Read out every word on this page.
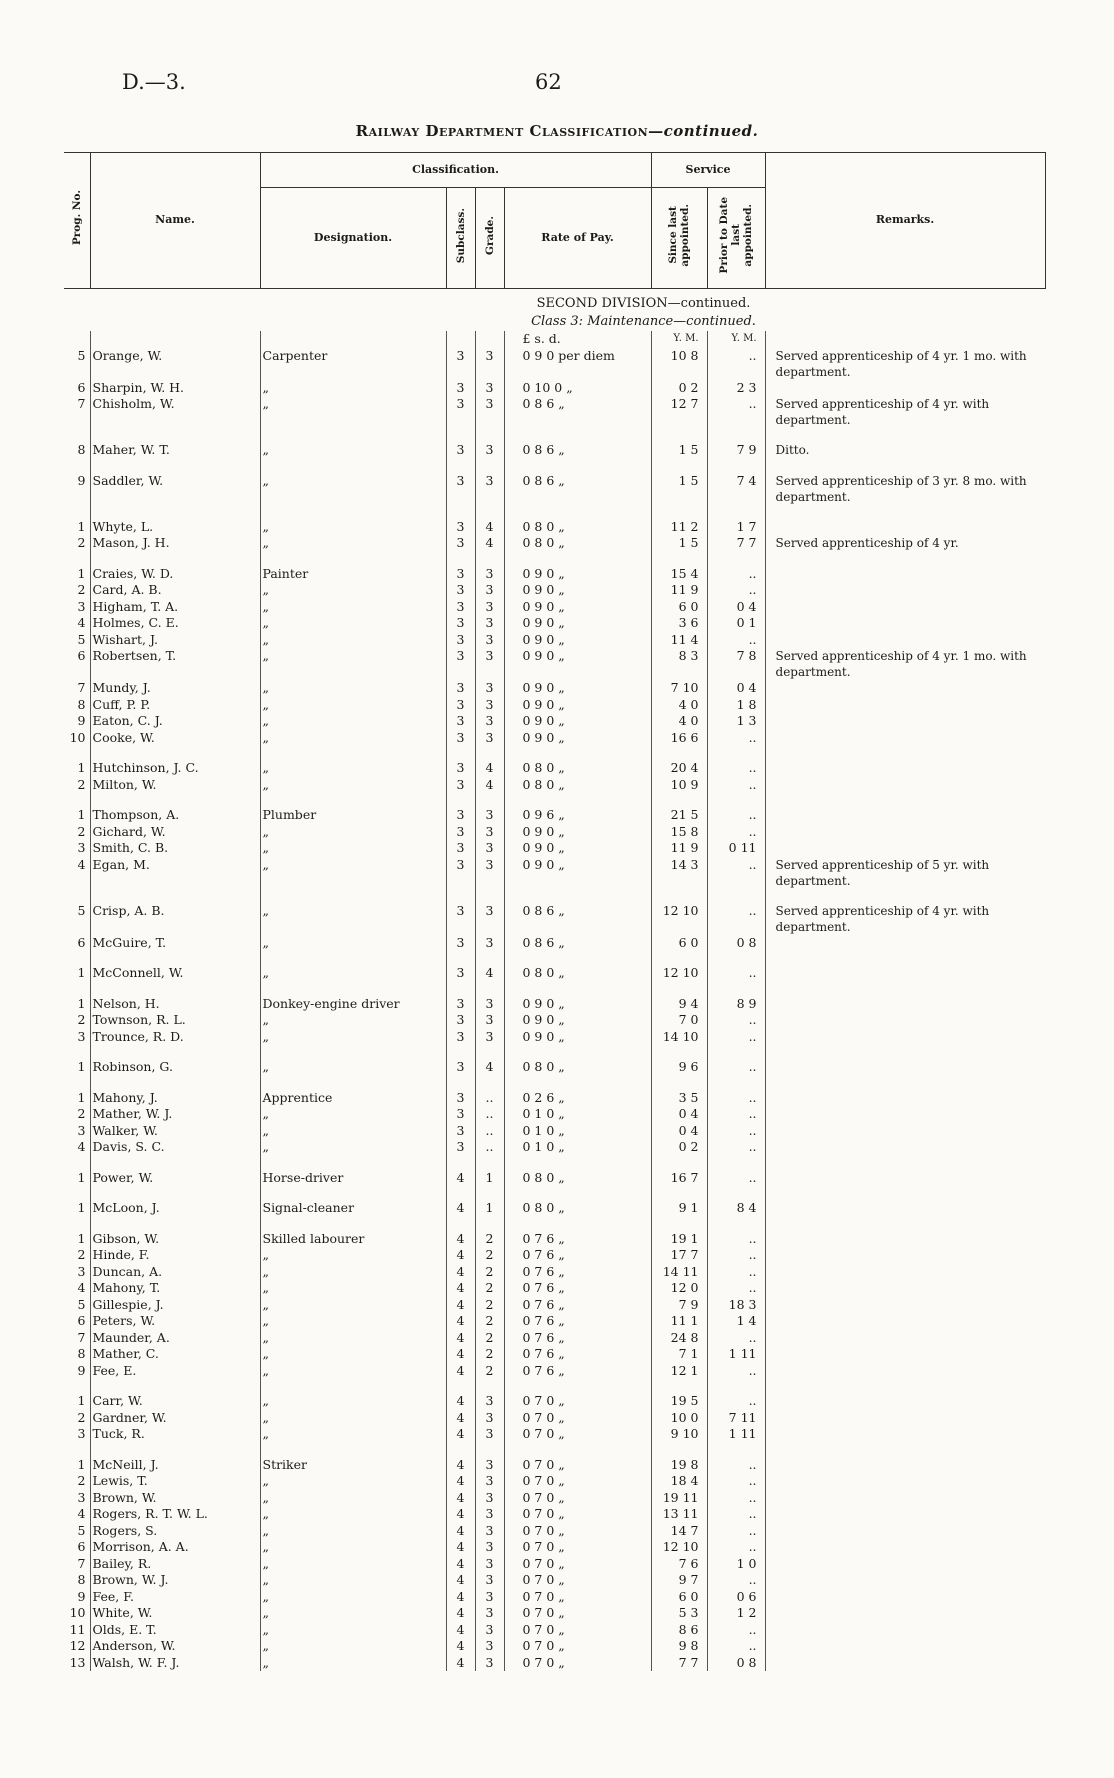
D.—3.	62
Railway Department Classification—continued.
Prog. No.	Name.	Classification.				Service		Remarks.
		Designation.	Subclass.	Grade.	Rate of Pay.	Since last
appointed.	Prior to Date
last
appointed.	
SECOND DIVISION—continued.								
Class 3: Maintenance—continued.								
					£ s. d.	Y. M.	Y. M.	
5	Orange, W.	Carpenter	3	3	0 9 0 per diem	10 8	..	Served apprenticeship of 4 yr. 1 mo. with department.
6	Sharpin, W. H.	„	3	3	0 10 0 „	0 2	2 3	
7	Chisholm, W.	„	3	3	0 8 6 „	12 7	..	Served apprenticeship of 4 yr. with department.

8	Maher, W. T.	„	3	3	0 8 6 „	1 5	7 9	Ditto.

9	Saddler, W.	„	3	3	0 8 6 „	1 5	7 4	Served apprenticeship of 3 yr. 8 mo. with department.

1	Whyte, L.	„	3	4	0 8 0 „	11 2	1 7	
2	Mason, J. H.	„	3	4	0 8 0 „	1 5	7 7	Served apprenticeship of 4 yr.

1	Craies, W. D.	Painter	3	3	0 9 0 „	15 4	..	
2	Card, A. B.	„	3	3	0 9 0 „	11 9	..	
3	Higham, T. A.	„	3	3	0 9 0 „	6 0	0 4	
4	Holmes, C. E.	„	3	3	0 9 0 „	3 6	0 1	
5	Wishart, J.	„	3	3	0 9 0 „	11 4	..	
6	Robertsen, T.	„	3	3	0 9 0 „	8 3	7 8	Served apprenticeship of 4 yr. 1 mo. with department.
7	Mundy, J.	„	3	3	0 9 0 „	7 10	0 4	
8	Cuff, P. P.	„	3	3	0 9 0 „	4 0	1 8	
9	Eaton, C. J.	„	3	3	0 9 0 „	4 0	1 3	
10	Cooke, W.	„	3	3	0 9 0 „	16 6	..	

1	Hutchinson, J. C.	„	3	4	0 8 0 „	20 4	..	
2	Milton, W.	„	3	4	0 8 0 „	10 9	..	

1	Thompson, A.	Plumber	3	3	0 9 6 „	21 5	..	
2	Gichard, W.	„	3	3	0 9 0 „	15 8	..	
3	Smith, C. B.	„	3	3	0 9 0 „	11 9	0 11	
4	Egan, M.	„	3	3	0 9 0 „	14 3	..	Served apprenticeship of 5 yr. with department.

5	Crisp, A. B.	„	3	3	0 8 6 „	12 10	..	Served apprenticeship of 4 yr. with department.
6	McGuire, T.	„	3	3	0 8 6 „	6 0	0 8	

1	McConnell, W.	„	3	4	0 8 0 „	12 10	..	

1	Nelson, H.	Donkey-engine driver	3	3	0 9 0 „	9 4	8 9	
2	Townson, R. L.	„	3	3	0 9 0 „	7 0	..	
3	Trounce, R. D.	„	3	3	0 9 0 „	14 10	..	

1	Robinson, G.	„	3	4	0 8 0 „	9 6	..	

1	Mahony, J.	Apprentice	3	..	0 2 6 „	3 5	..	
2	Mather, W. J.	„	3	..	0 1 0 „	0 4	..	
3	Walker, W.	„	3	..	0 1 0 „	0 4	..	
4	Davis, S. C.	„	3	..	0 1 0 „	0 2	..	

1	Power, W.	Horse-driver	4	1	0 8 0 „	16 7	..	

1	McLoon, J.	Signal-cleaner	4	1	0 8 0 „	9 1	8 4	

1	Gibson, W.	Skilled labourer	4	2	0 7 6 „	19 1	..	
2	Hinde, F.	„	4	2	0 7 6 „	17 7	..	
3	Duncan, A.	„	4	2	0 7 6 „	14 11	..	
4	Mahony, T.	„	4	2	0 7 6 „	12 0	..	
5	Gillespie, J.	„	4	2	0 7 6 „	7 9	18 3	
6	Peters, W.	„	4	2	0 7 6 „	11 1	1 4	
7	Maunder, A.	„	4	2	0 7 6 „	24 8	..	
8	Mather, C.	„	4	2	0 7 6 „	7 1	1 11	
9	Fee, E.	„	4	2	0 7 6 „	12 1	..	

1	Carr, W.	„	4	3	0 7 0 „	19 5	..	
2	Gardner, W.	„	4	3	0 7 0 „	10 0	7 11	
3	Tuck, R.	„	4	3	0 7 0 „	9 10	1 11	

1	McNeill, J.	Striker	4	3	0 7 0 „	19 8	..	
2	Lewis, T.	„	4	3	0 7 0 „	18 4	..	
3	Brown, W.	„	4	3	0 7 0 „	19 11	..	
4	Rogers, R. T. W. L.	„	4	3	0 7 0 „	13 11	..	
5	Rogers, S.	„	4	3	0 7 0 „	14 7	..	
6	Morrison, A. A.	„	4	3	0 7 0 „	12 10	..	
7	Bailey, R.	„	4	3	0 7 0 „	7 6	1 0	
8	Brown, W. J.	„	4	3	0 7 0 „	9 7	..	
9	Fee, F.	„	4	3	0 7 0 „	6 0	0 6	
10	White, W.	„	4	3	0 7 0 „	5 3	1 2	
11	Olds, E. T.	„	4	3	0 7 0 „	8 6	..	
12	Anderson, W.	„	4	3	0 7 0 „	9 8	..	
13	Walsh, W. F. J.	„	4	3	0 7 0 „	7 7	0 8	
